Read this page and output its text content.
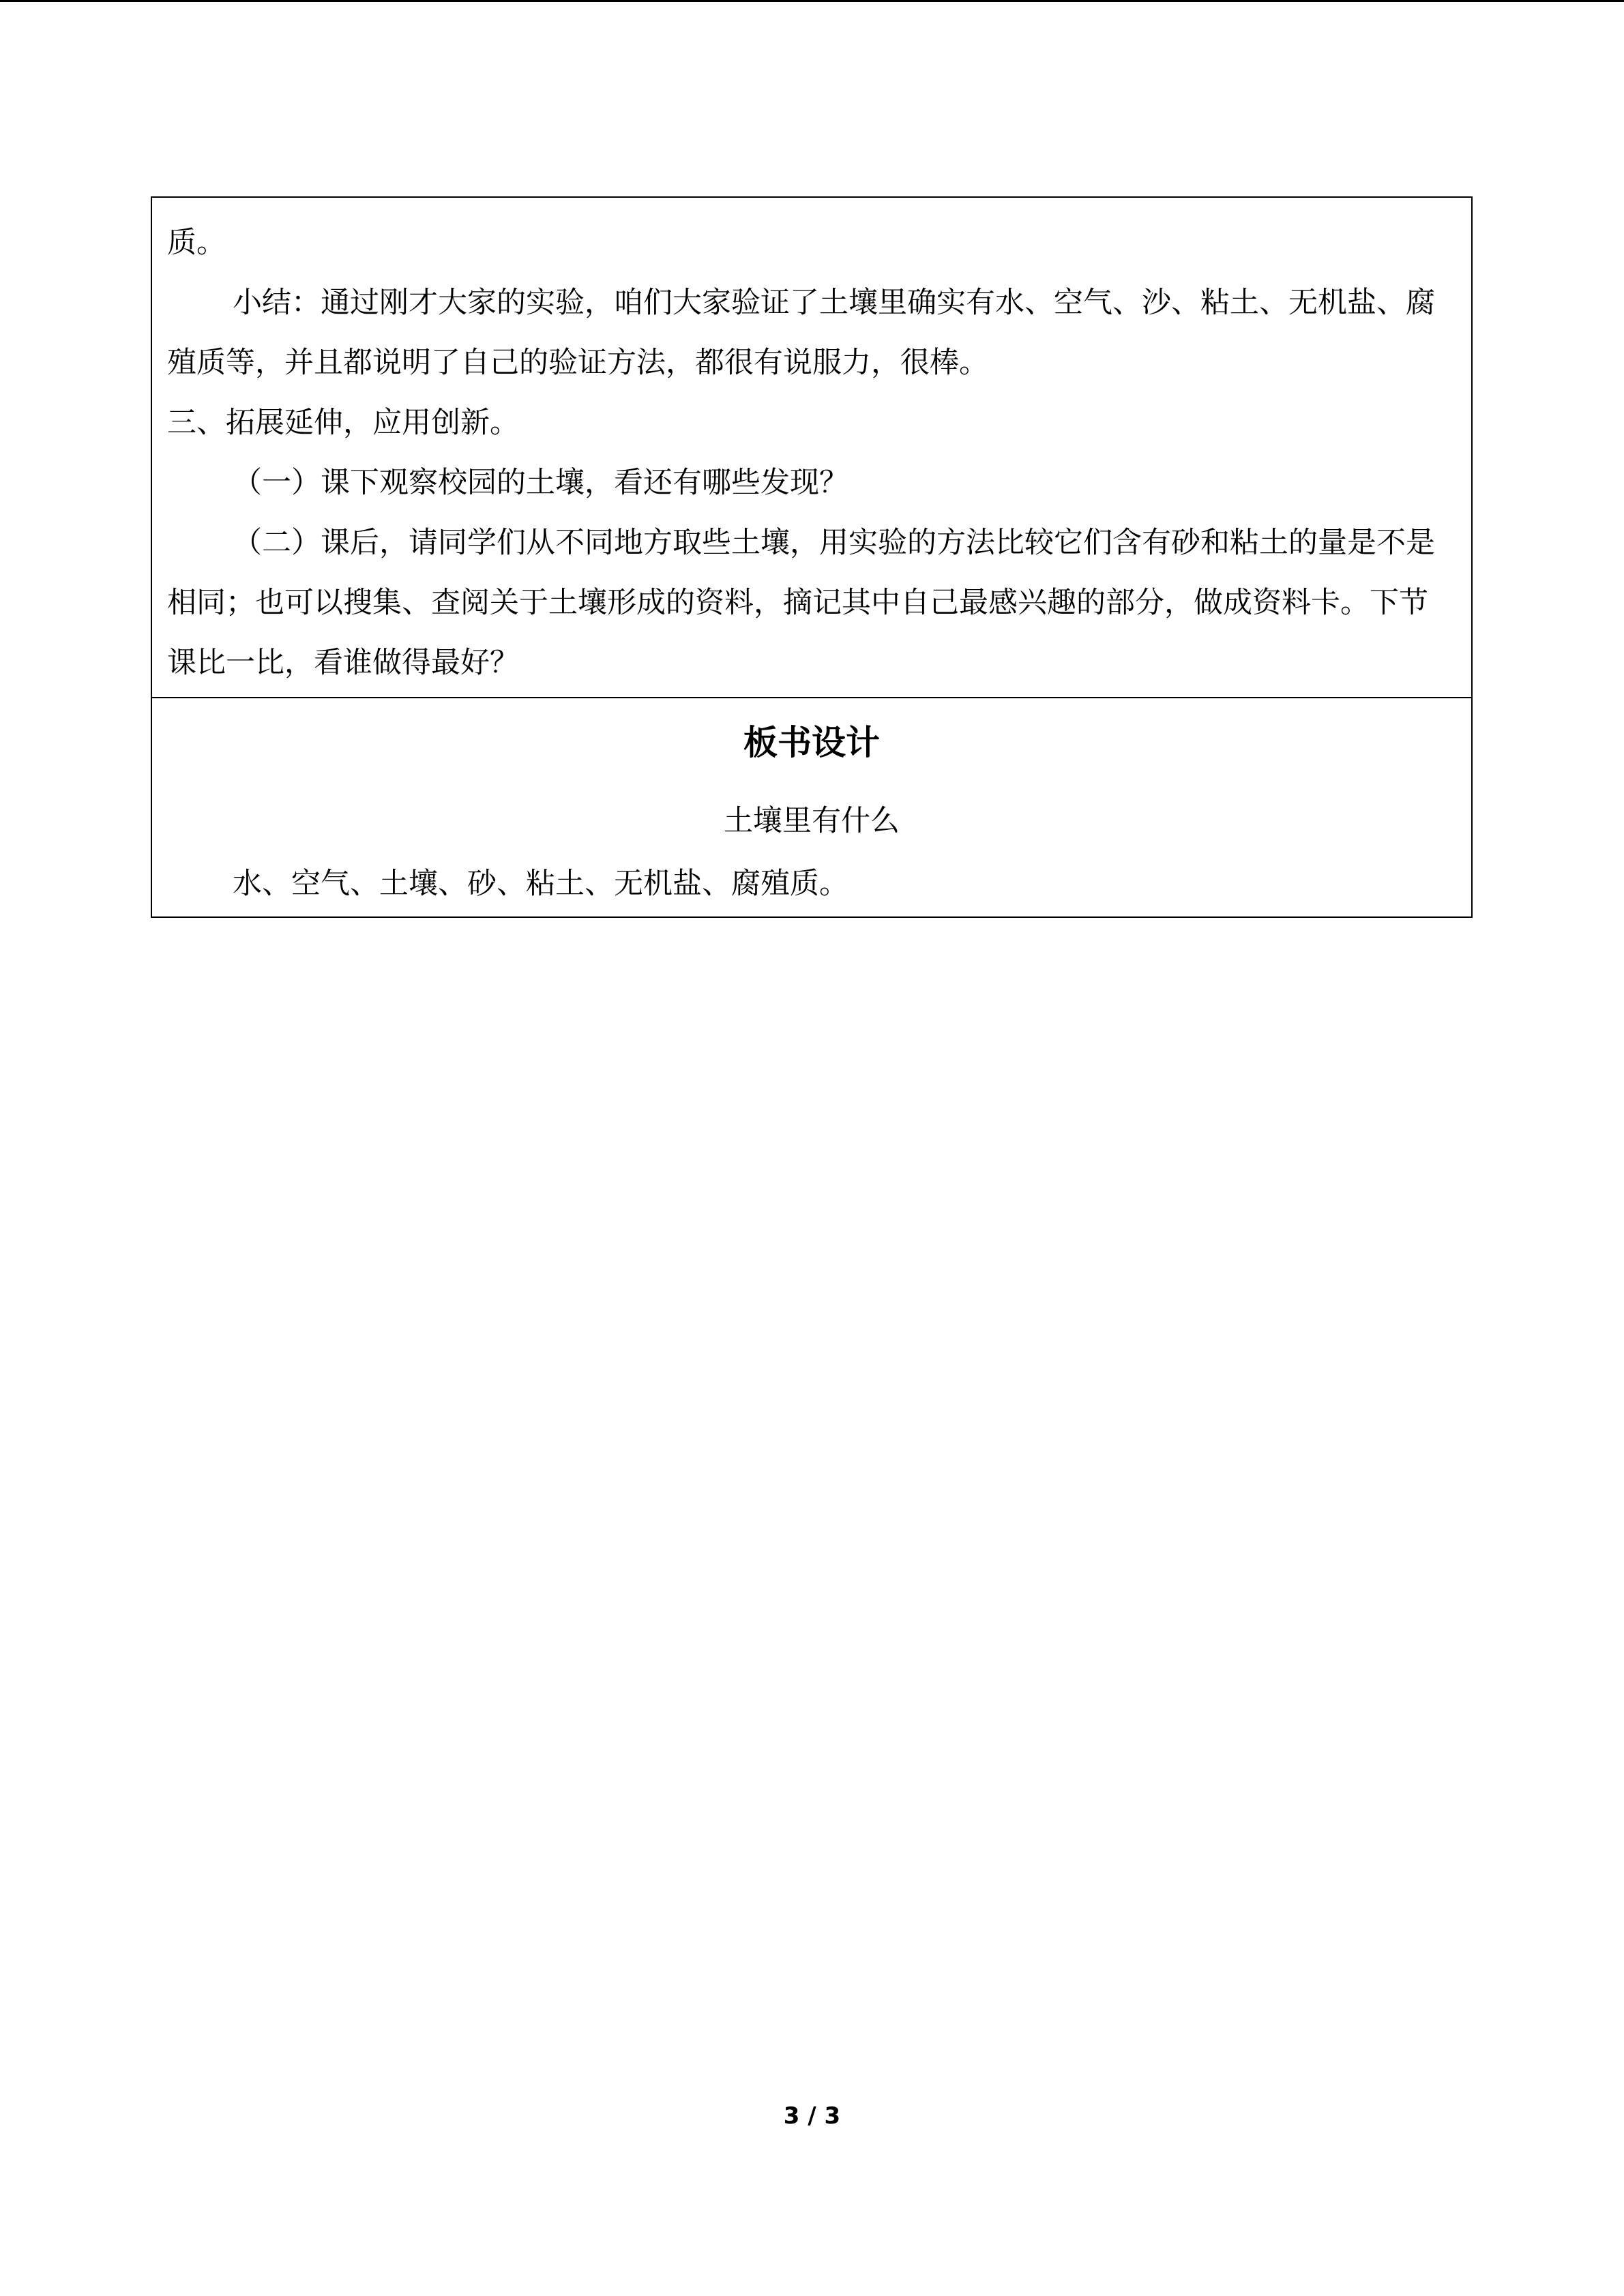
质。

小结：通过刚才大家的实验，咱们大家验证了土壤里确实有水、空气、沙、粘土、无机盐、腐殖质等，并且都说明了自己的验证方法，都很有说服力，很棒。

三、拓展延伸，应用创新。

（一）课下观察校园的土壤，看还有哪些发现？

（二）课后，请同学们从不同地方取些土壤，用实验的方法比较它们含有砂和粘土的量是不是相同；也可以搜集、查阅关于土壤形成的资料，摘记其中自己最感兴趣的部分，做成资料卡。下节课比一比，看谁做得最好？

板书设计

土壤里有什么

水、空气、土壤、砂、粘土、无机盐、腐殖质。

3 / 3
